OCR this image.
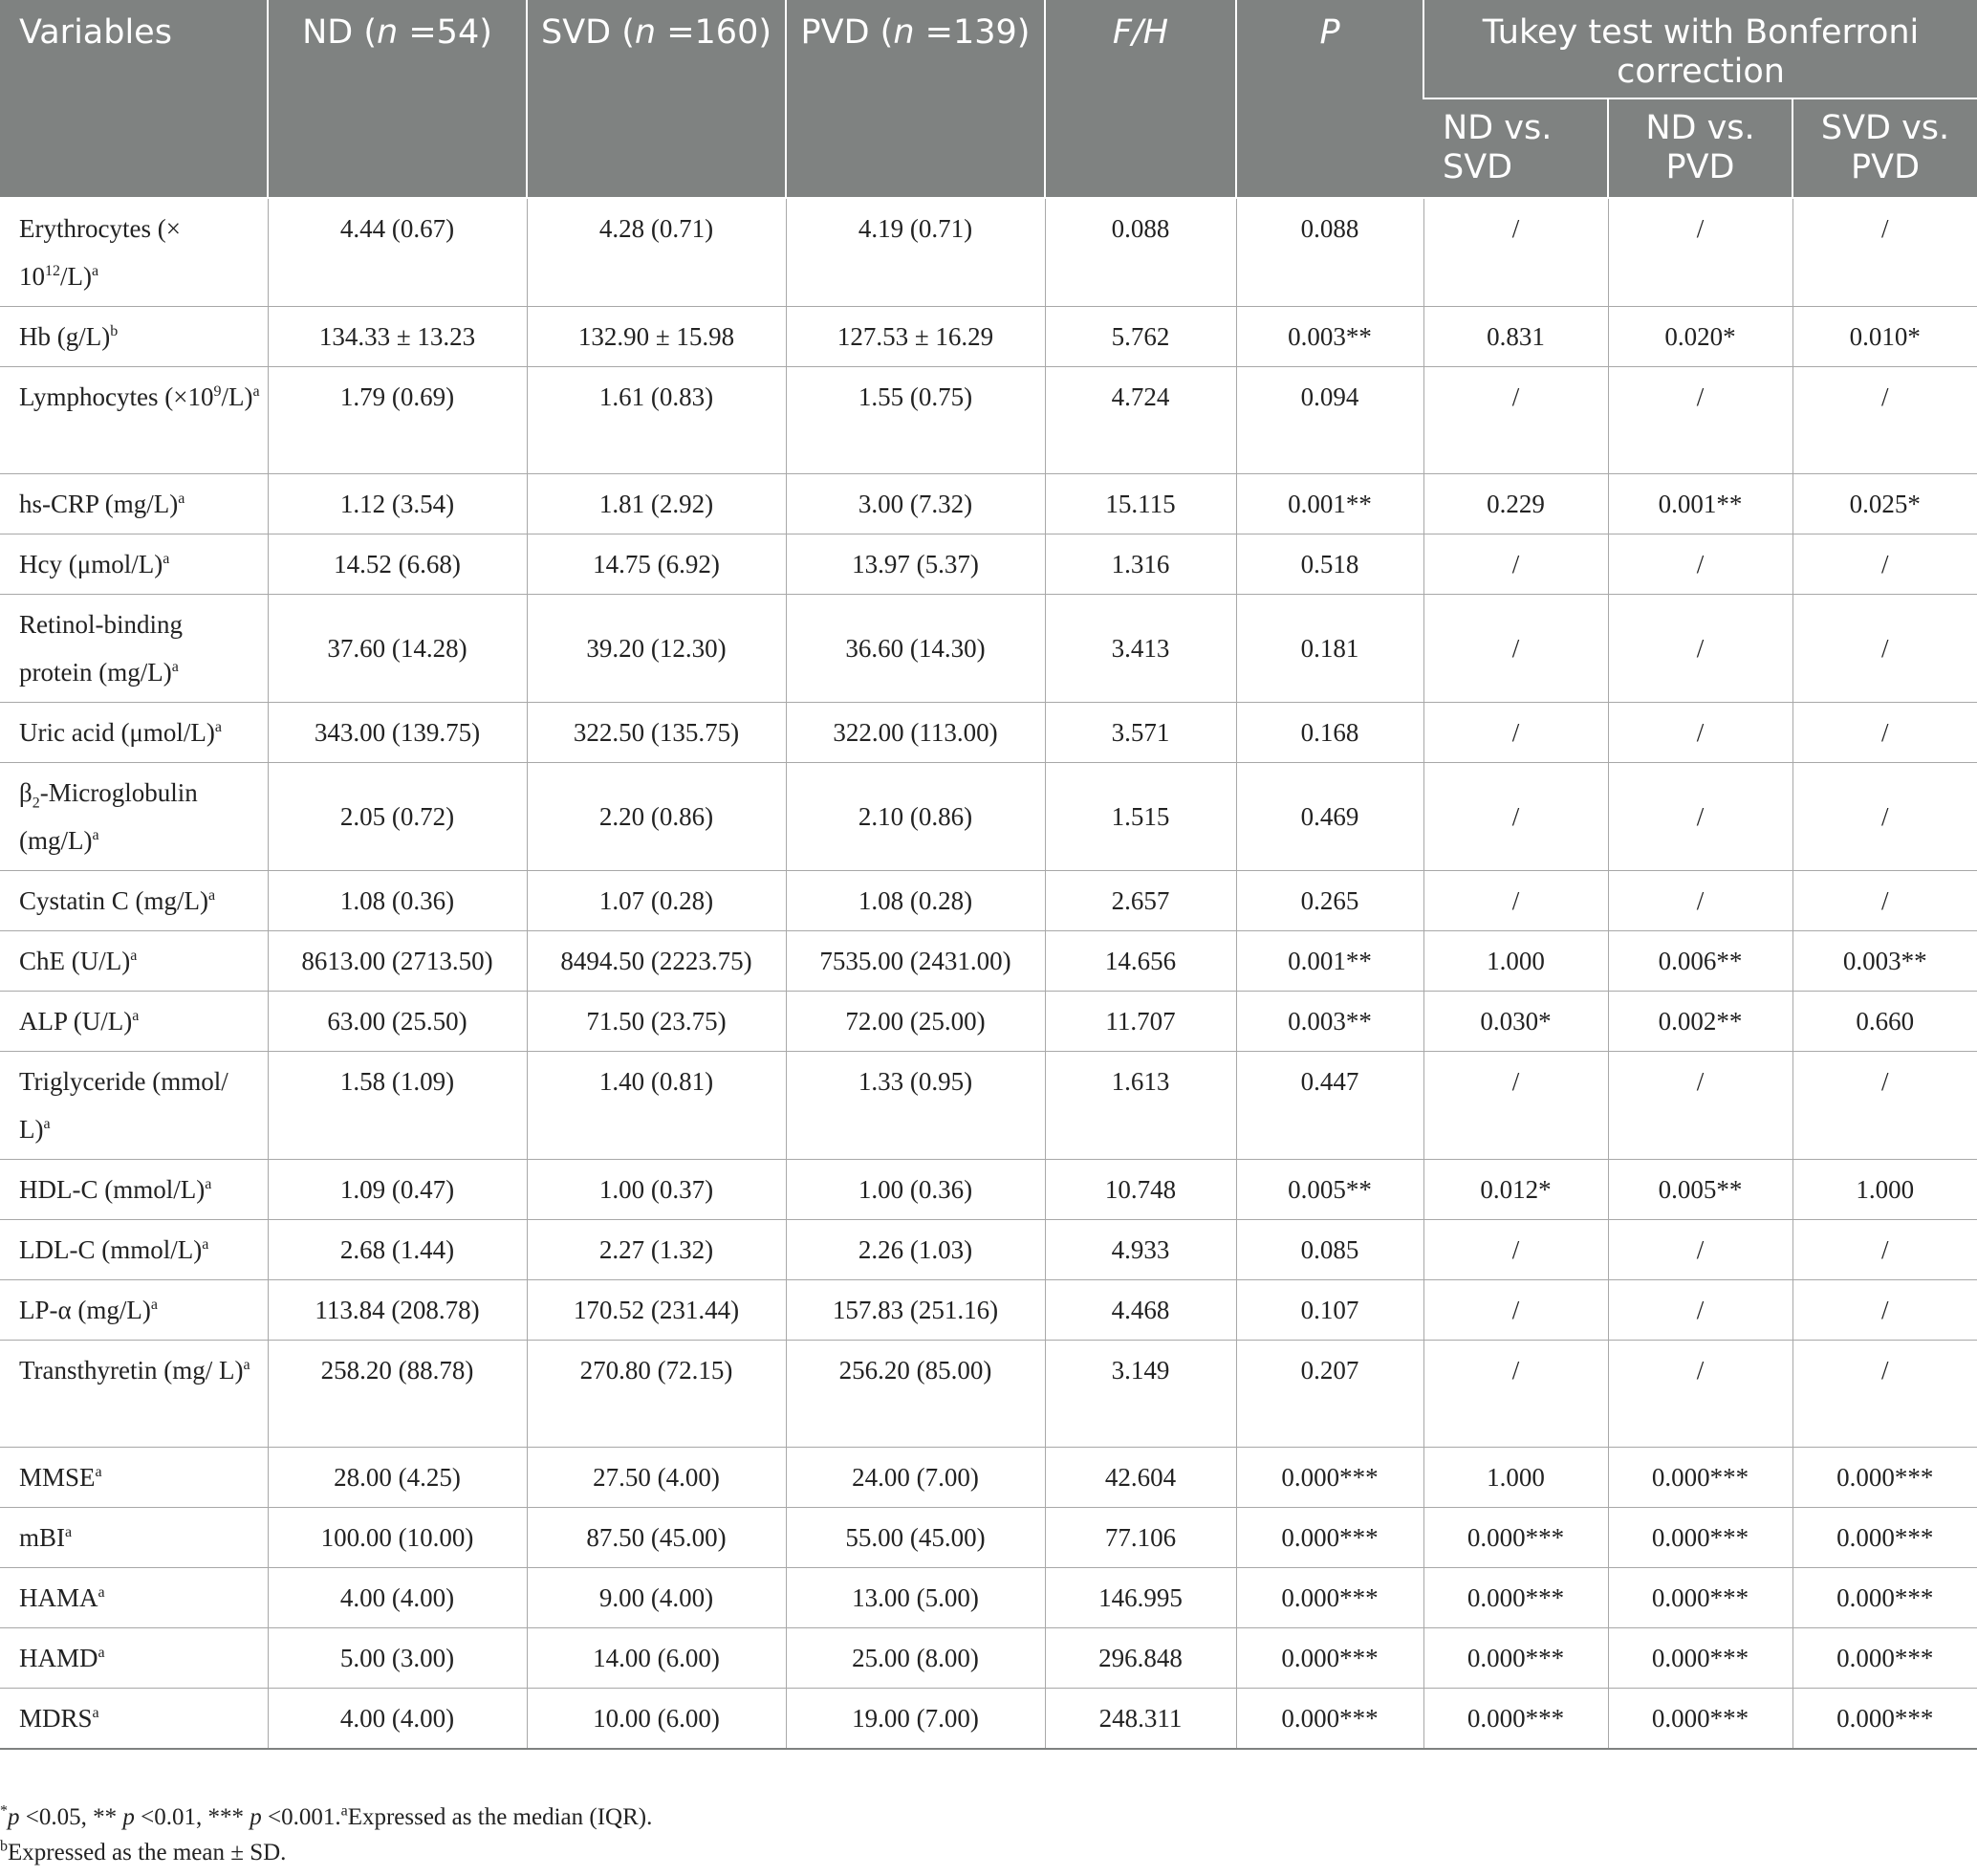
Variables	ND (n =54)	SVD (n =160)	PVD (n =139)	F/H	P	Tukey test with Bonferroni correction		
						ND vs. SVD	ND vs. PVD	SVD vs. PVD
Erythrocytes (× $10^{12}/L)^a$	4.44 (0.67)	4.28 (0.71)	4.19 (0.71)	0.088	0.088	/	/	/
Hb $(g/L)^b$	134.33 ± 13.23	132.90 ± 15.98	127.53 ± 16.29	5.762	0.003**	0.831	0.020*	0.010*
Lymphocytes $(\times 10^9/L)^a$	1.79 (0.69)	1.61 (0.83)	1.55 (0.75)	4.724	0.094	/	/	/
hs-CRP $(mg/L)^a$	1.12 (3.54)	1.81 (2.92)	3.00 (7.32)	15.115	0.001**	0.229	0.001**	0.025*
Hcy $(\mu mol/L)^a$	14.52 (6.68)	14.75 (6.92)	13.97 (5.37)	1.316	0.518	/	/	/
Retinol-binding protein $(mg/L)^a$	37.60 (14.28)	39.20 (12.30)	36.60 (14.30)	3.413	0.181	/	/	/
Uric acid $(\mu mol/L)^a$	343.00 (139.75)	322.50 (135.75)	322.00 (113.00)	3.571	0.168	/	/	/
$\beta_2$-Microglobulin $(mg/L)^a$	2.05 (0.72)	2.20 (0.86)	2.10 (0.86)	1.515	0.469	/	/	/
Cystatin C $(mg/L)^a$	1.08 (0.36)	1.07 (0.28)	1.08 (0.28)	2.657	0.265	/	/	/
ChE $(U/L)^a$	8613.00 (2713.50)	8494.50 (2223.75)	7535.00 (2431.00)	14.656	0.001**	1.000	0.006**	0.003**
ALP $(U/L)^a$	63.00 (25.50)	71.50 (23.75)	72.00 (25.00)	11.707	0.003**	0.030*	0.002**	0.660
Triglyceride (mmol/ L)$^a$	1.58 (1.09)	1.40 (0.81)	1.33 (0.95)	1.613	0.447	/	/	/
HDL-C (mmol/L)$^a$	1.09 (0.47)	1.00 (0.37)	1.00 (0.36)	10.748	0.005**	0.012*	0.005**	1.000
LDL-C (mmol/L)$^a$	2.68 (1.44)	2.27 (1.32)	2.26 (1.03)	4.933	0.085	/	/	/
LP-α $(mg/L)^a$	113.84 (208.78)	170.52 (231.44)	157.83 (251.16)	4.468	0.107	/	/	/
Transthyretin (mg/ L)$^a$	258.20 (88.78)	270.80 (72.15)	256.20 (85.00)	3.149	0.207	/	/	/
MMSE$^a$	28.00 (4.25)	27.50 (4.00)	24.00 (7.00)	42.604	0.000***	1.000	0.000***	0.000***
mBI$^a$	100.00 (10.00)	87.50 (45.00)	55.00 (45.00)	77.106	0.000***	0.000***	0.000***	0.000***
HAMA$^a$	4.00 (4.00)	9.00 (4.00)	13.00 (5.00)	146.995	0.000***	0.000***	0.000***	0.000***
HAMD$^a$	5.00 (3.00)	14.00 (6.00)	25.00 (8.00)	296.848	0.000***	0.000***	0.000***	0.000***
MDRS$^a$	4.00 (4.00)	10.00 (6.00)	19.00 (7.00)	248.311	0.000***	0.000***	0.000***	0.000***
*p <0.05, ** p <0.01, *** p <0.001.$^a$Expressed as the median (IQR).
$^b$Expressed as the mean ± SD.
